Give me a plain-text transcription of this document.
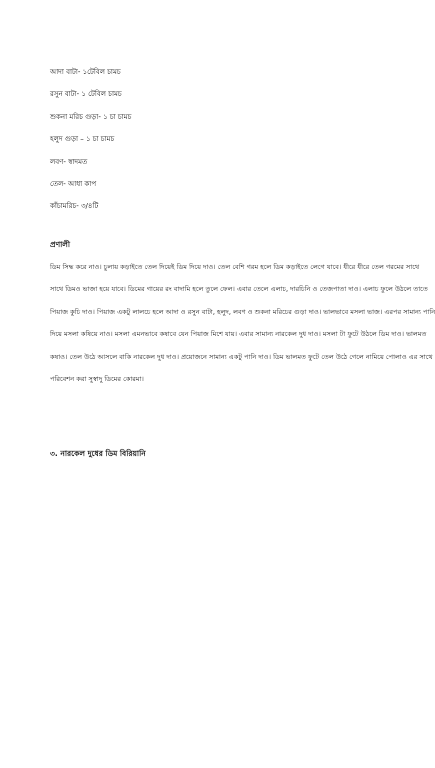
আদা বাটা- ১টেবিল চামচ
রসুন বাটা- ১ টেবিল চামচ
শুকনা মরিচ গুড়া- ১ চা চামচ
হলুদ গুড়া – ১ চা চামচ
লবণ- স্বাদমত
তেল- আধা কাপ
কাঁচামরিচ- ৩/৪টি
প্রণালী
ডিম সিদ্ধ করে নাও। চুলায় কড়াইতে তেল দিয়েই ডিম দিয়ে দাও। তেল বেশি গরম হলে ডিম কড়াইতে লেগে যাবে। ধীরে ধীরে তেল গরমের সাথে
সাথে ডিমও ভাজা হয়ে যাবে। ডিমের গায়ের রং বাদামি হলে তুলে ফেল। এবার তেলে এলাচ, দারচিনি ও তেজপাতা দাও। এলাচ ফুলে উঠলে তাতে
পিয়াজ কুচি দাও। পিয়াজ একটু লালচে হলে আদা ও রসুন বাটা, হলুদ, লবণ ও শুকনা মরিচের গুড়া দাও। ভালভাবে মসলা ভাজ। এরপর সামান্য পানি
দিয়ে মসলা কষিয়ে নাও। মসলা এমনভাবে কষাবে যেন পিয়াজ মিশে যায়। এবার সামান্য নারকেল দুধ দাও। মসলা টা ফুটে উঠলে ডিম দাও। ভালমত
কষাও। তেল উঠে আসলে বাকি নারকেল দুধ দাও। প্রয়োজনে সামান্য একটু পানি দাও। ডিম ভালমত ফুটে তেল উঠে গেলে নামিয়ে পোলাও এর সাথে
পরিবেশন করা সুস্বাদু ডিমের কোরমা।
৩. নারকেল দুধের ডিম বিরিয়ানি
